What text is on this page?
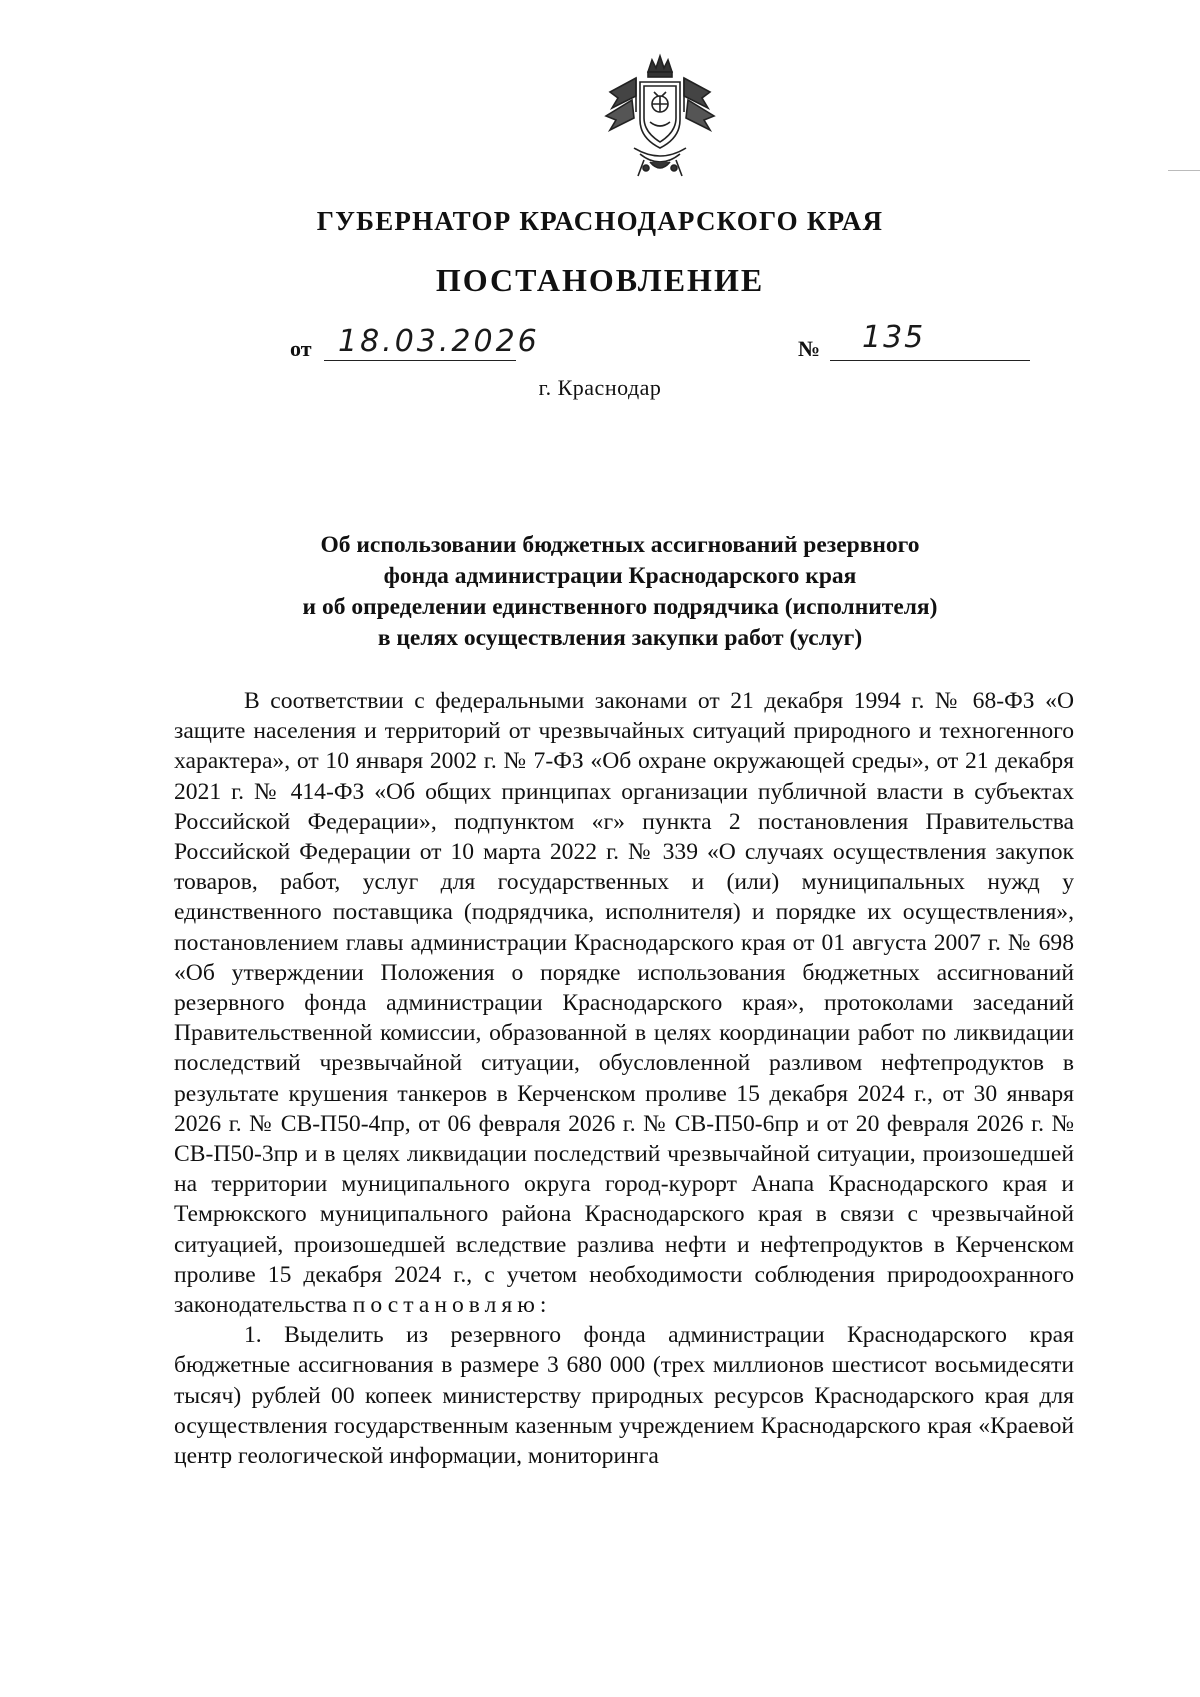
ГУБЕРНАТОР КРАСНОДАРСКОГО КРАЯ
ПОСТАНОВЛЕНИЕ
от 18.03.2026	№ 135
г. Краснодар
Об использовании бюджетных ассигнований резервного
фонда администрации Краснодарского края
и об определении единственного подрядчика (исполнителя)
в целях осуществления закупки работ (услуг)

В соответствии с федеральными законами от 21 декабря 1994 г. № 68-ФЗ «О защите населения и территорий от чрезвычайных ситуаций природного и техногенного характера», от 10 января 2002 г. № 7-ФЗ «Об охране окружающей среды», от 21 декабря 2021 г. № 414-ФЗ «Об общих принципах организации публичной власти в субъектах Российской Федерации», подпунктом «г» пункта 2 постановления Правительства Российской Федерации от 10 марта 2022 г. № 339 «О случаях осуществления закупок товаров, работ, услуг для государственных и (или) муниципальных нужд у единственного поставщика (подрядчика, исполнителя) и порядке их осуществления», постановлением главы администрации Краснодарского края от 01 августа 2007 г. № 698 «Об утверждении Положения о порядке использования бюджетных ассигнований резервного фонда администрации Краснодарского края», протоколами заседаний Правительственной комиссии, образованной в целях координации работ по ликвидации последствий чрезвычайной ситуации, обусловленной разливом нефтепродуктов в результате крушения танкеров в Керченском проливе 15 декабря 2024 г., от 30 января 2026 г. № СВ-П50-4пр, от 06 февраля 2026 г. № СВ-П50-6пр и от 20 февраля 2026 г. № СВ-П50-3пр и в целях ликвидации последствий чрезвычайной ситуации, произошедшей на территории муниципального округа город-курорт Анапа Краснодарского края и Темрюкского муниципального района Краснодарского края в связи с чрезвычайной ситуацией, произошедшей вследствие разлива нефти и нефтепродуктов в Керченском проливе 15 декабря 2024 г., с учетом необходимости соблюдения природоохранного законодательства постановляю:

1. Выделить из резервного фонда администрации Краснодарского края бюджетные ассигнования в размере 3 680 000 (трех миллионов шестисот восьмидесяти тысяч) рублей 00 копеек министерству природных ресурсов Краснодарского края для осуществления государственным казенным учреждением Краснодарского края «Краевой центр геологической информации, мониторинга
